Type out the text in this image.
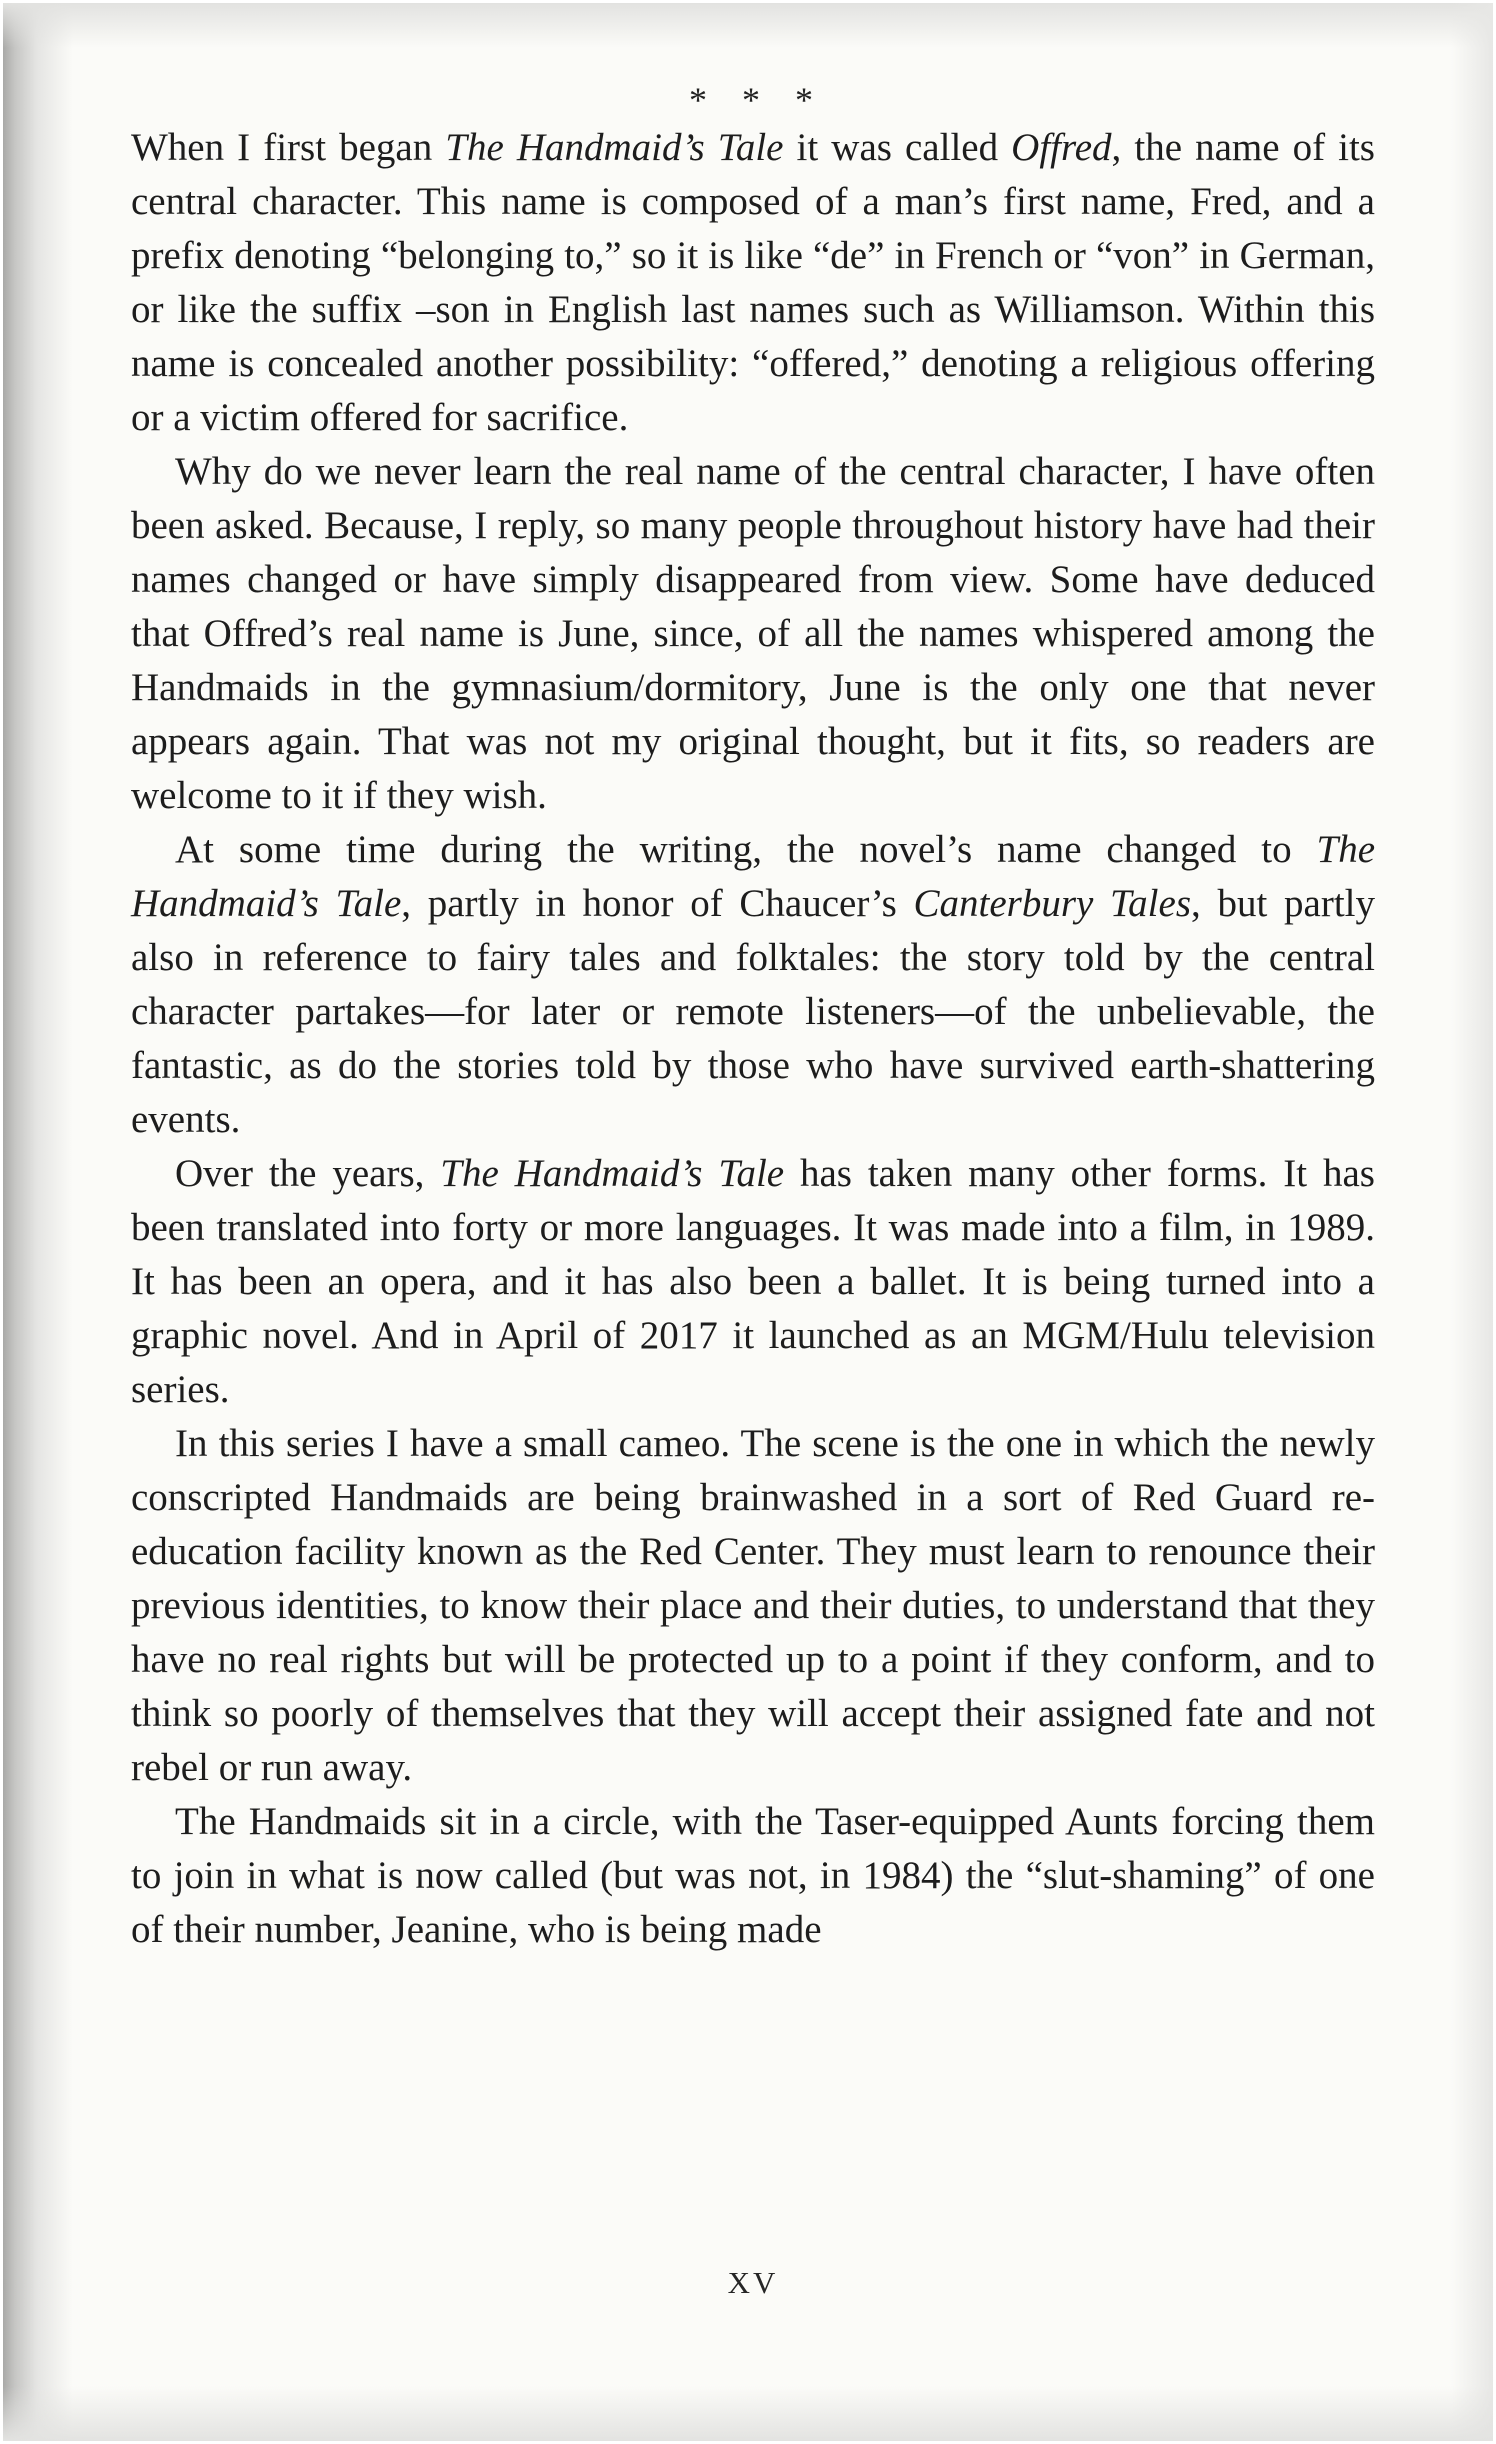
* * *

When I first began The Handmaid’s Tale it was called Offred, the name of its central character. This name is composed of a man’s first name, Fred, and a prefix denoting “belonging to,” so it is like “de” in French or “von” in German, or like the suffix –son in English last names such as Williamson. Within this name is concealed another possibility: “offered,” denoting a religious offering or a victim offered for sacrifice.

Why do we never learn the real name of the central character, I have often been asked. Because, I reply, so many people throughout history have had their names changed or have simply disappeared from view. Some have deduced that Offred’s real name is June, since, of all the names whispered among the Handmaids in the gymnasium/dormitory, June is the only one that never appears again. That was not my original thought, but it fits, so readers are welcome to it if they wish.

At some time during the writing, the novel’s name changed to The Handmaid’s Tale, partly in honor of Chaucer’s Canterbury Tales, but partly also in reference to fairy tales and folktales: the story told by the central character partakes—for later or remote listeners—of the unbelievable, the fantastic, as do the stories told by those who have survived earth-shattering events.

Over the years, The Handmaid’s Tale has taken many other forms. It has been translated into forty or more languages. It was made into a film, in 1989. It has been an opera, and it has also been a ballet. It is being turned into a graphic novel. And in April of 2017 it launched as an MGM/Hulu television series.

In this series I have a small cameo. The scene is the one in which the newly conscripted Handmaids are being brainwashed in a sort of Red Guard re-education facility known as the Red Center. They must learn to renounce their previous identities, to know their place and their duties, to understand that they have no real rights but will be protected up to a point if they conform, and to think so poorly of themselves that they will accept their assigned fate and not rebel or run away.

The Handmaids sit in a circle, with the Taser-equipped Aunts forcing them to join in what is now called (but was not, in 1984) the “slut-shaming” of one of their number, Jeanine, who is being made

XV
